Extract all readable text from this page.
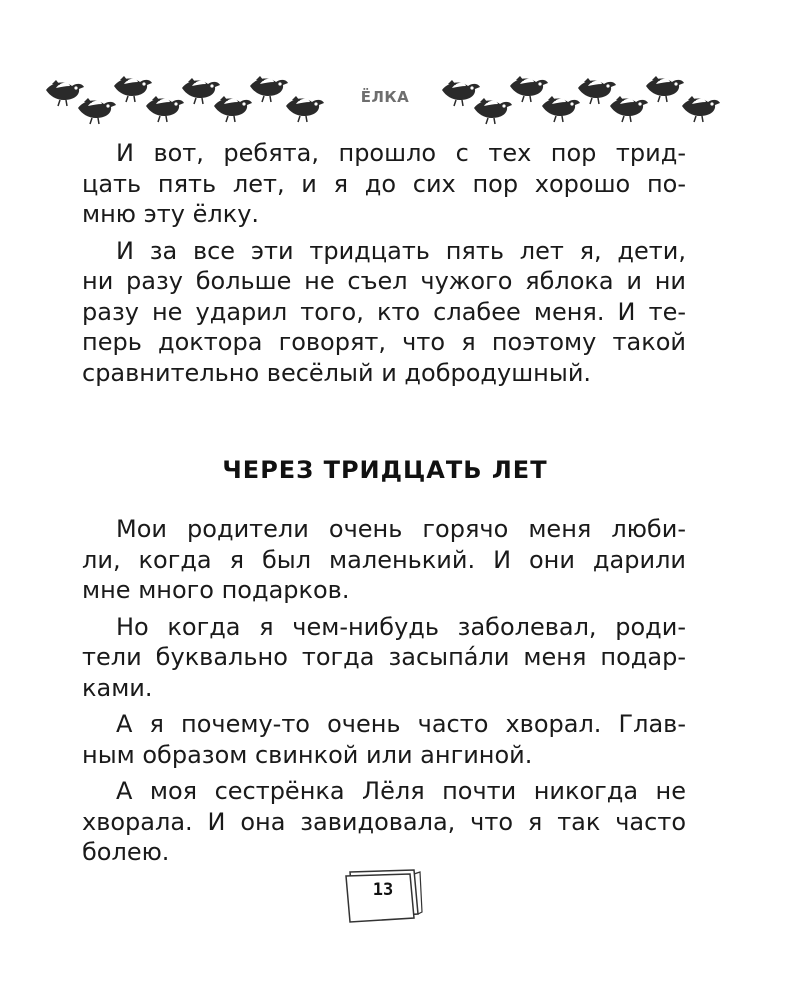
ЁЛКА

И вот, ребята, прошло с тех пор трид-
цать пять лет, и я до сих пор хорошо по-
мню эту ёлку.

И за все эти тридцать пять лет я, дети,
ни разу больше не съел чужого яблока и ни
разу не ударил того, кто слабее меня. И те-
перь доктора говорят, что я поэтому такой
сравнительно весёлый и добродушный.

ЧЕРЕЗ ТРИДЦАТЬ ЛЕТ

Мои родители очень горячо меня люби-
ли, когда я был маленький. И они дарили
мне много подарков.

Но когда я чем-нибудь заболевал, роди-
тели буквально тогда засыпáли меня подар-
ками.

А я почему-то очень часто хворал. Глав-
ным образом свинкой или ангиной.

А моя сестрёнка Лёля почти никогда не
хворала. И она завидовала, что я так часто
болею.

13
